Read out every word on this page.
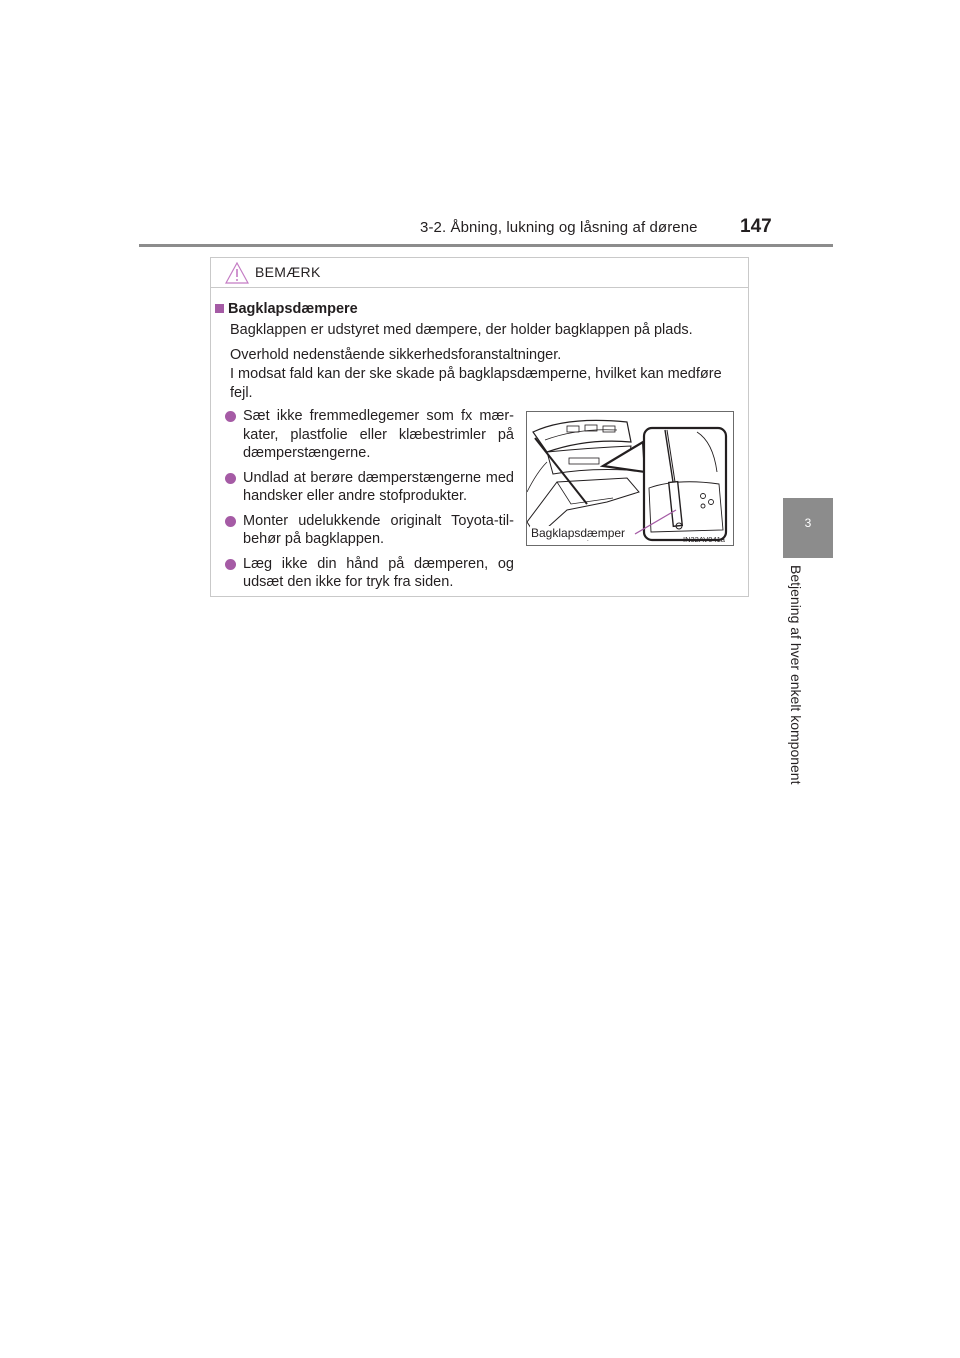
3-2. Åbning, lukning og låsning af dørene 147
3
Betjening af hver enkelt komponent
BEMÆRK
Bagklapsdæmpere
Bagklappen er udstyret med dæmpere, der holder bagklappen på plads.
Overhold nedenstående sikkerhedsforanstaltninger.
I modsat fald kan der ske skade på bagklapsdæmperne, hvilket kan medføre fejl.
Sæt ikke fremmedlegemer som fx mær-kater, plastfolie eller klæbestrimler på dæmperstængerne.
Undlad at berøre dæmperstængerne med handsker eller andre stofprodukter.
Monter udelukkende originalt Toyota-til-behør på bagklappen.
Læg ikke din hånd på dæmperen, og udsæt den ikke for tryk fra siden.
Bagklapsdæmper	IN32AV041a
